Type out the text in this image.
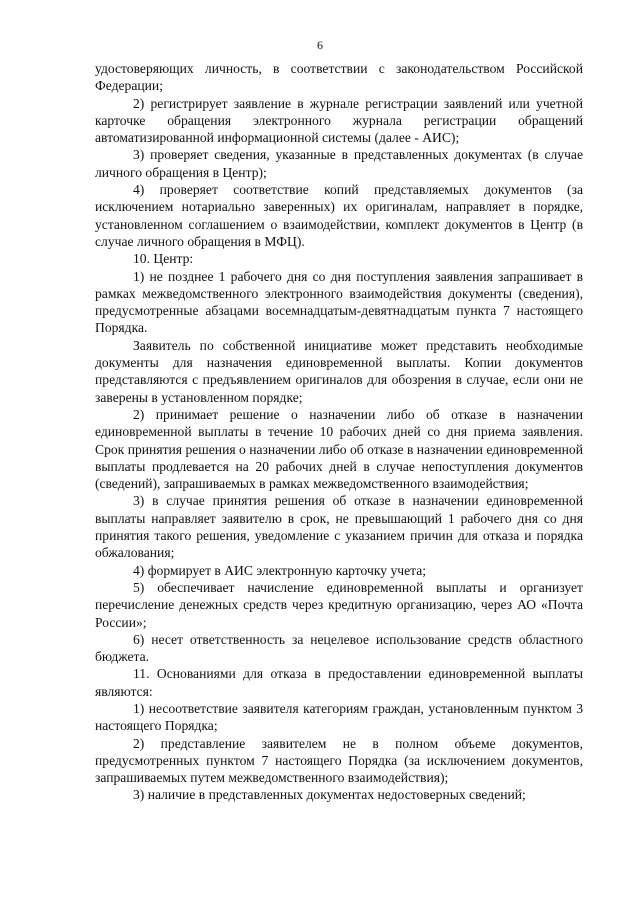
6

удостоверяющих личность, в соответствии с законодательством Российской Федерации;

2) регистрирует заявление в журнале регистрации заявлений или учетной карточке обращения электронного журнала регистрации обращений автоматизированной информационной системы (далее - АИС);

3) проверяет сведения, указанные в представленных документах (в случае личного обращения в Центр);

4) проверяет соответствие копий представляемых документов (за исключением нотариально заверенных) их оригиналам, направляет в порядке, установленном соглашением о взаимодействии, комплект документов в Центр (в случае личного обращения в МФЦ).

10. Центр:

1) не позднее 1 рабочего дня со дня поступления заявления запрашивает в рамках межведомственного электронного взаимодействия документы (сведения), предусмотренные абзацами восемнадцатым-девятнадцатым пункта 7 настоящего Порядка.

Заявитель по собственной инициативе может представить необходимые документы для назначения единовременной выплаты. Копии документов представляются с предъявлением оригиналов для обозрения в случае, если они не заверены в установленном порядке;

2) принимает решение о назначении либо об отказе в назначении единовременной выплаты в течение 10 рабочих дней со дня приема заявления. Срок принятия решения о назначении либо об отказе в назначении единовременной выплаты продлевается на 20 рабочих дней в случае непоступления документов (сведений), запрашиваемых в рамках межведомственного взаимодействия;

3) в случае принятия решения об отказе в назначении единовременной выплаты направляет заявителю в срок, не превышающий 1 рабочего дня со дня принятия такого решения, уведомление с указанием причин для отказа и порядка обжалования;

4) формирует в АИС электронную карточку учета;

5) обеспечивает начисление единовременной выплаты и организует перечисление денежных средств через кредитную организацию, через АО «Почта России»;

6) несет ответственность за нецелевое использование средств областного бюджета.

11. Основаниями для отказа в предоставлении единовременной выплаты являются:

1) несоответствие заявителя категориям граждан, установленным пунктом 3 настоящего Порядка;

2) представление заявителем не в полном объеме документов, предусмотренных пунктом 7 настоящего Порядка (за исключением документов, запрашиваемых путем межведомственного взаимодействия);

3) наличие в представленных документах недостоверных сведений;
